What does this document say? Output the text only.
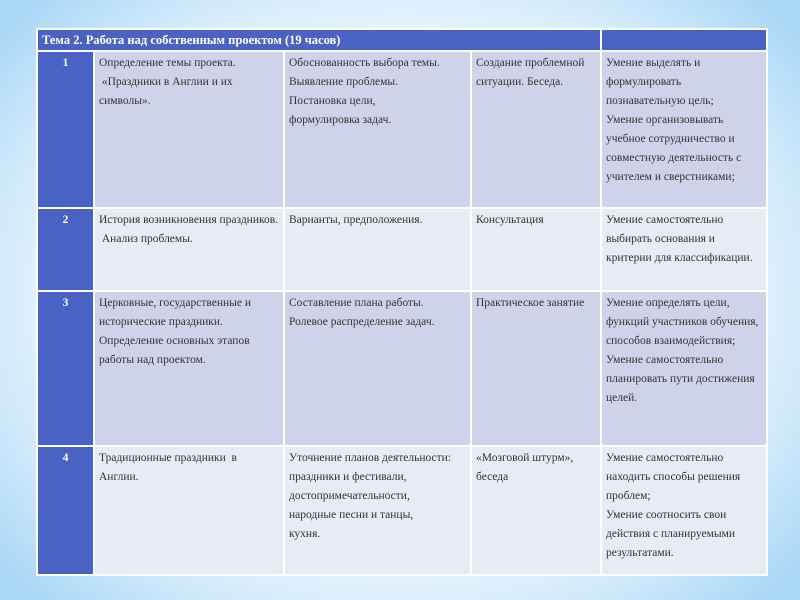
Тема 2. Работа над собственным проектом (19 часов)				
1	Определение темы проекта.
«Праздники в Англии и их символы».	Обоснованность выбора темы.
Выявление проблемы.
Постановка цели,
формулировка задач.	Создание проблемной ситуации. Беседа.	Умение выделять и формулировать познавательную цель;
Умение организовывать учебное сотрудничество и совместную деятельность с учителем и сверстниками;

2	История возникновения праздников.
Анализ проблемы.	Варианты, предположения.	Консультация	Умение самостоятельно выбирать основания и критерии для классификации.

3	Церковные, государственные и исторические праздники.
Определение основных этапов работы над проектом.	Составление плана работы.
Ролевое распределение задач.	Практическое занятие	Умение определять цели, функций участников обучения, способов взаимодействия; Умение самостоятельно планировать пути достижения целей.

4	Традиционные праздники  в Англии.	Уточнение планов деятельности:
праздники и фестивали,
достопримечательности,
народные песни и танцы,
кухня.	«Мозговой штурм», беседа	Умение самостоятельно находить способы решения проблем;
Умение соотносить свои действия с планируемыми результатами.
